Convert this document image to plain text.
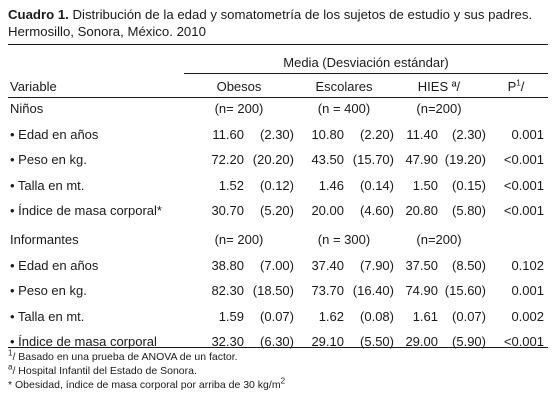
Cuadro 1. Distribución de la edad y somatometría de los sujetos de estudio y sus padres. Hermosillo, Sonora, México. 2010
Media (Desviación estándar)
Variable	Obesos	Escolares	HIES ª/	$P^1/$
Niños	(n= 200)	(n = 400)	(n=200)
• Edad en años	11.60	(2.30)	10.80	(2.20) 11.40	(2.30)	0.001
• Peso en kg.	72.20 (20.20)	43.50 (15.70) 47.90 (19.20)	<0.001
• Talla en mt.	1.52	(0.12)	1.46	(0.14)	1.50	(0.15)	<0.001
• Índice de masa corporal*	30.70	(5.20)	20.00	(4.60) 20.80	(5.80)	<0.001
Informantes	(n= 200)	(n = 300)	(n=200)
• Edad en años	38.80	(7.00)	37.40	(7.90) 37.50	(8.50)	0.102
• Peso en kg.	82.30 (18.50)	73.70 (16.40) 74.90 (15.60)	0.001
• Talla en mt.	1.59	(0.07)	1.62	(0.08)	1.61	(0.07)	0.002
• Índice de masa corporal	32.30	(6.30)	29.10	(5.50) 29.00	(5.90)	<0.001
$^1$/ Basado en una prueba de ANOVA de un factor.
$^a$/ Hospital Infantil del Estado de Sonora.
* Obesidad, índice de masa corporal por arriba de 30 $kg/m^2$
